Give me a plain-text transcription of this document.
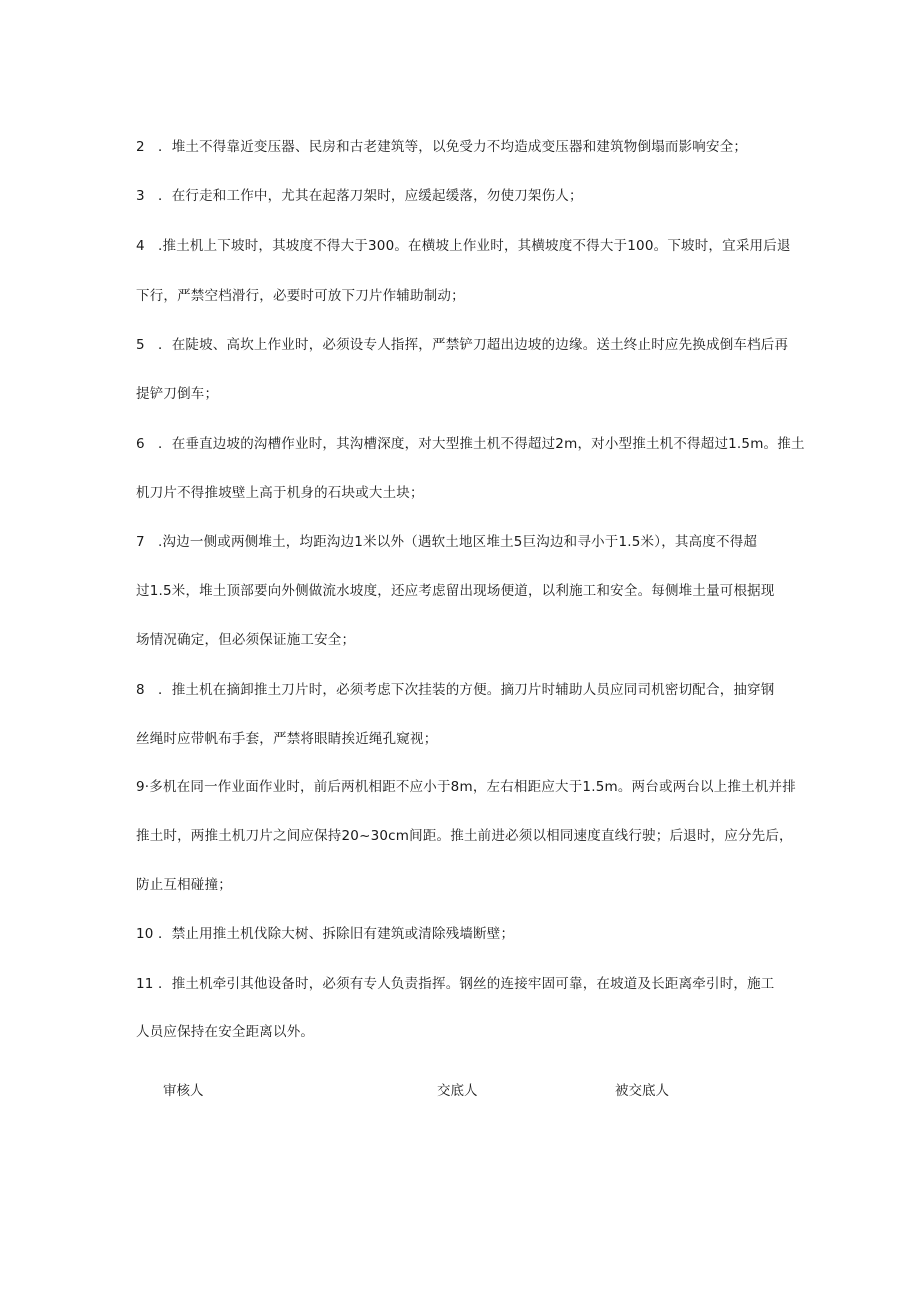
2 ．堆土不得靠近变压器、民房和古老建筑等，以免受力不均造成变压器和建筑物倒塌而影响安全；
3 ．在行走和工作中，尤其在起落刀架时，应缓起缓落，勿使刀架伤人；
4 .推土机上下坡时，其坡度不得大于300。在横坡上作业时，其横坡度不得大于100。下坡时，宜采用后退
下行，严禁空档滑行，必要时可放下刀片作辅助制动；
5 ．在陡坡、高坎上作业时，必须设专人指挥，严禁铲刀超出边坡的边缘。送土终止时应先换成倒车档后再
提铲刀倒车；
6 ．在垂直边坡的沟槽作业时，其沟槽深度，对大型推土机不得超过2m，对小型推土机不得超过1.5m。推土
机刀片不得推坡壁上高于机身的石块或大土块；
7 .沟边一侧或两侧堆土，均距沟边1米以外（遇软土地区堆土5巨沟边和寻小于1.5米），其高度不得超
过1.5米，堆土顶部要向外侧做流水坡度，还应考虑留出现场便道，以利施工和安全。每侧堆土量可根据现
场情况确定，但必须保证施工安全；
8 ．推土机在摘卸推土刀片时，必须考虑下次挂装的方便。摘刀片时辅助人员应同司机密切配合，抽穿钢
丝绳时应带帆布手套，严禁将眼睛挨近绳孔窥视；
9·多机在同一作业面作业时，前后两机相距不应小于8m，左右相距应大于1.5m。两台或两台以上推土机并排
推土时，两推土机刀片之间应保持20~30cm间距。推土前进必须以相同速度直线行驶；后退时，应分先后，
防止互相碰撞；
10 ．禁止用推土机伐除大树、拆除旧有建筑或清除残墙断壁；
11 ．推土机牵引其他设备时，必须有专人负责指挥。钢丝的连接牢固可靠，在坡道及长距离牵引时，施工
人员应保持在安全距离以外。
审核人	交底人	被交底人
